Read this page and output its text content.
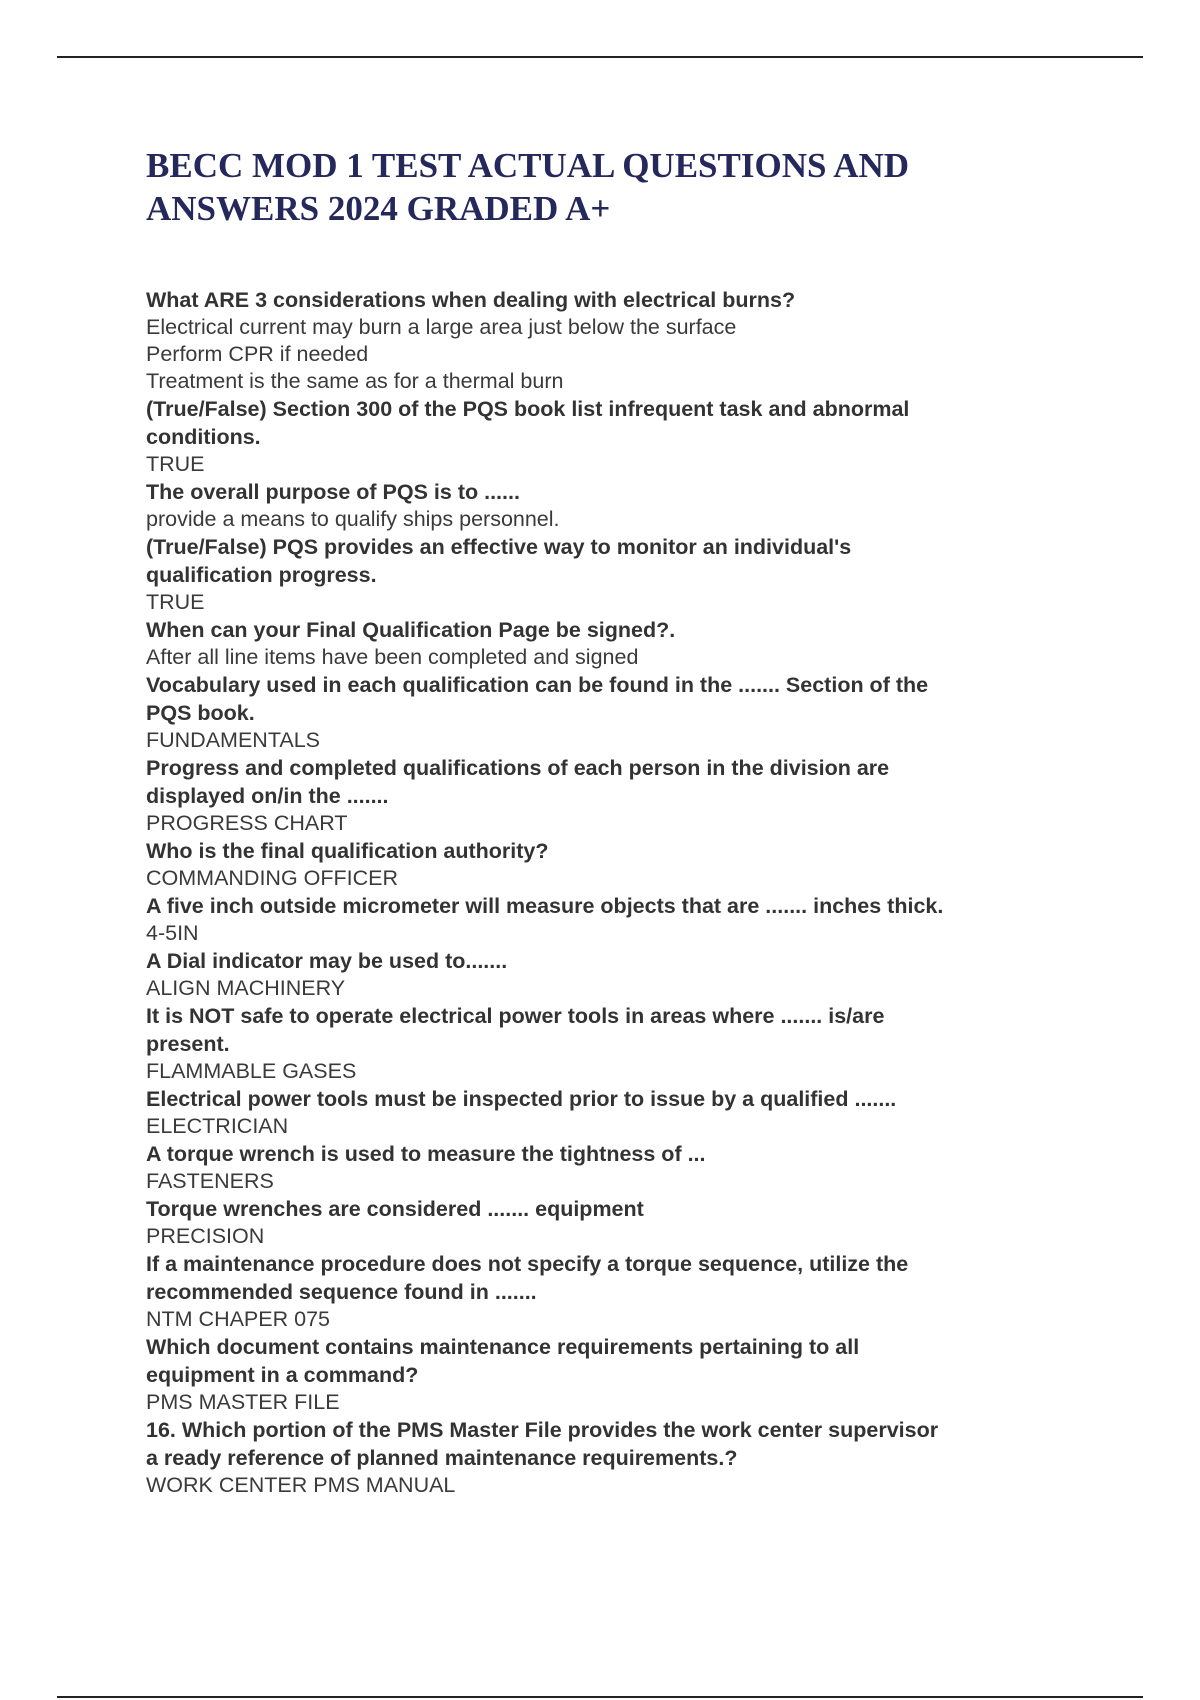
BECC MOD 1 TEST ACTUAL QUESTIONS AND
ANSWERS 2024 GRADED A+
What ARE 3 considerations when dealing with electrical burns?
Electrical current may burn a large area just below the surface
Perform CPR if needed
Treatment is the same as for a thermal burn
(True/False) Section 300 of the PQS book list infrequent task and abnormal
conditions.
TRUE
The overall purpose of PQS is to ......
provide a means to qualify ships personnel.
(True/False) PQS provides an effective way to monitor an individual's
qualification progress.
TRUE
When can your Final Qualification Page be signed?.
After all line items have been completed and signed
Vocabulary used in each qualification can be found in the ....... Section of the
PQS book.
FUNDAMENTALS
Progress and completed qualifications of each person in the division are
displayed on/in the .......
PROGRESS CHART
Who is the final qualification authority?
COMMANDING OFFICER
A five inch outside micrometer will measure objects that are ....... inches thick.
4-5IN
A Dial indicator may be used to.......
ALIGN MACHINERY
It is NOT safe to operate electrical power tools in areas where ....... is/are
present.
FLAMMABLE GASES
Electrical power tools must be inspected prior to issue by a qualified .......
ELECTRICIAN
A torque wrench is used to measure the tightness of ...
FASTENERS
Torque wrenches are considered ....... equipment
PRECISION
If a maintenance procedure does not specify a torque sequence, utilize the
recommended sequence found in .......
NTM CHAPER 075
Which document contains maintenance requirements pertaining to all
equipment in a command?
PMS MASTER FILE
16. Which portion of the PMS Master File provides the work center supervisor
a ready reference of planned maintenance requirements.?
WORK CENTER PMS MANUAL
